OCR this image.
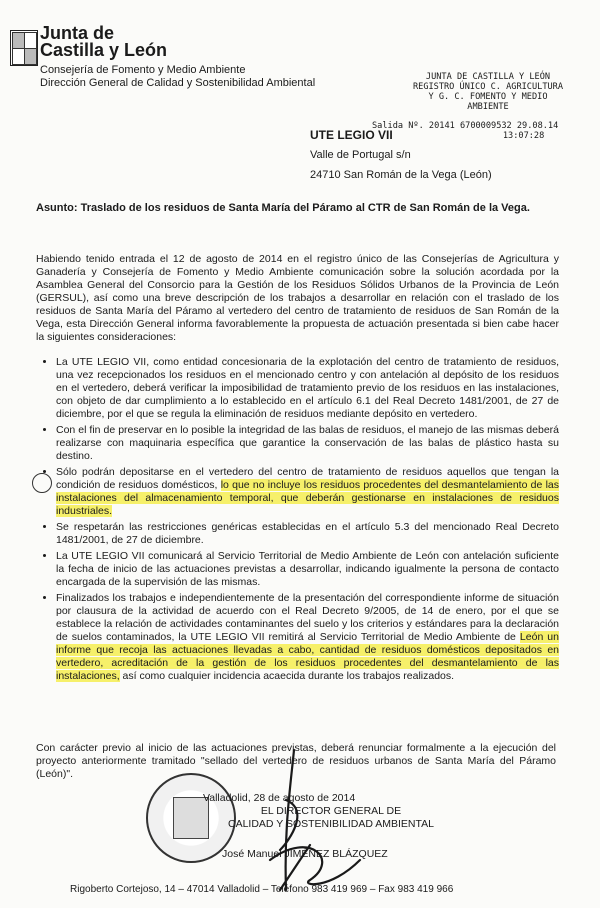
Junta de
Castilla y León
Consejería de Fomento y Medio Ambiente
Dirección General de Calidad y Sostenibilidad Ambiental	JUNTA DE CASTILLA Y LEÓN
REGISTRO ÚNICO C. AGRICULTURA
Y G. C. FOMENTO Y MEDIO
AMBIENTE
UTE LEGIO VII
Valle de Portugal s/n
24710 San Román de la Vega (León)
Salida Nº. 20141 6700009532 29.08.14
13:07:28
Asunto: Traslado de los residuos de Santa María del Páramo al CTR de San Román de la Vega.

Habiendo tenido entrada el 12 de agosto de 2014 en el registro único de las Consejerías de Agricultura y Ganadería y Consejería de Fomento y Medio Ambiente comunicación sobre la solución acordada por la Asamblea General del Consorcio para la Gestión de los Residuos Sólidos Urbanos de la Provincia de León (GERSUL), así como una breve descripción de los trabajos a desarrollar en relación con el traslado de los residuos de Santa María del Páramo al vertedero del centro de tratamiento de residuos de San Román de la Vega, esta Dirección General informa favorablemente la propuesta de actuación presentada si bien cabe hacer la siguientes consideraciones:

• La UTE LEGIO VII, como entidad concesionaria de la explotación del centro de tratamiento de residuos, una vez recepcionados los residuos en el mencionado centro y con antelación al depósito de los residuos en el vertedero, deberá verificar la imposibilidad de tratamiento previo de los residuos en las instalaciones, con objeto de dar cumplimiento a lo establecido en el artículo 6.1 del Real Decreto 1481/2001, de 27 de diciembre, por el que se regula la eliminación de residuos mediante depósito en vertedero.
• Con el fin de preservar en lo posible la integridad de las balas de residuos, el manejo de las mismas deberá realizarse con maquinaria específica que garantice la conservación de las balas de plástico hasta su destino.
• Sólo podrán depositarse en el vertedero del centro de tratamiento de residuos aquellos que tengan la condición de residuos domésticos, lo que no incluye los residuos procedentes del desmantelamiento de las instalaciones del almacenamiento temporal, que deberán gestionarse en instalaciones de residuos industriales.
• Se respetarán las restricciones genéricas establecidas en el artículo 5.3 del mencionado Real Decreto 1481/2001, de 27 de diciembre.
• La UTE LEGIO VII comunicará al Servicio Territorial de Medio Ambiente de León con antelación suficiente la fecha de inicio de las actuaciones previstas a desarrollar, indicando igualmente la persona de contacto encargada de la supervisión de las mismas.
• Finalizados los trabajos e independientemente de la presentación del correspondiente informe de situación por clausura de la actividad de acuerdo con el Real Decreto 9/2005, de 14 de enero, por el que se establece la relación de actividades contaminantes del suelo y los criterios y estándares para la declaración de suelos contaminados, la UTE LEGIO VII remitirá al Servicio Territorial de Medio Ambiente de León un informe que recoja las actuaciones llevadas a cabo, cantidad de residuos domésticos depositados en vertedero, acreditación de la gestión de los residuos procedentes del desmantelamiento de las instalaciones, así como cualquier incidencia acaecida durante los trabajos realizados.
Con carácter previo al inicio de las actuaciones previstas, deberá renunciar formalmente a la ejecución del proyecto anteriormente tramitado "sellado del vertedero de residuos urbanos de Santa María del Páramo (León)".
Valladolid, 28 de agosto de 2014
EL DIRECTOR GENERAL DE
CALIDAD Y SOSTENIBILIDAD AMBIENTAL
José Manuel JIMÉNEZ BLÁZQUEZ
Rigoberto Cortejoso, 14 – 47014 Valladolid – Teléfono 983 419 969 – Fax 983 419 966
